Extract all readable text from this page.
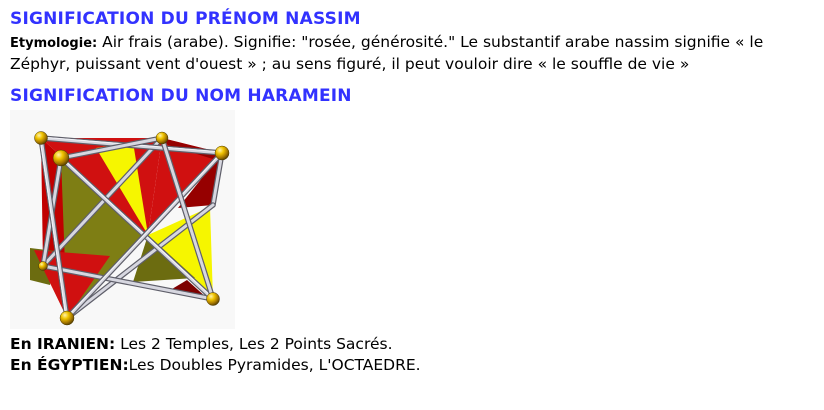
SIGNIFICATION DU PRÉNOM NASSIM

Etymologie: Air frais (arabe). Signifie: "rosée, générosité." Le substantif arabe nassim signifie « le Zéphyr, puissant vent d'ouest » ; au sens figuré, il peut vouloir dire « le souffle de vie »

SIGNIFICATION DU NOM HARAMEIN

En IRANIEN: Les 2 Temples, Les 2 Points Sacrés.

En ÉGYPTIEN:Les Doubles Pyramides, L'OCTAEDRE.
